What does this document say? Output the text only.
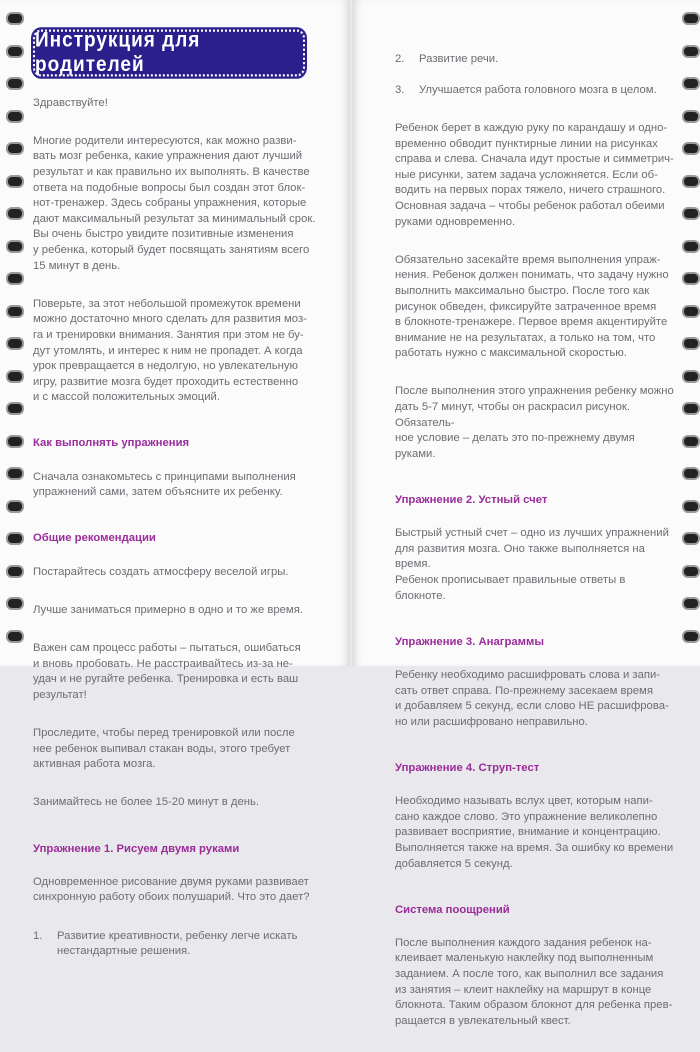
Инструкция для родителей

Здравствуйте!

Многие родители интересуются, как можно разви-
вать мозг ребенка, какие упражнения дают лучший
результат и как правильно их выполнять. В качестве
ответа на подобные вопросы был создан этот блок-
нот-тренажер. Здесь собраны упражнения, которые
дают максимальный результат за минимальный срок.
Вы очень быстро увидите позитивные изменения
у ребенка, который будет посвящать занятиям всего
15 минут в день.

Поверьте, за этот небольшой промежуток времени
можно достаточно много сделать для развития моз-
га и тренировки внимания. Занятия при этом не бу-
дут утомлять, и интерес к ним не пропадет. А когда
урок превращается в недолгую, но увлекательную
игру, развитие мозга будет проходить естественно
и с массой положительных эмоций.

Как выполнять упражнения

Сначала ознакомьтесь с принципами выполнения
упражнений сами, затем объясните их ребенку.

Общие рекомендации

Постарайтесь создать атмосферу веселой игры.

Лучше заниматься примерно в одно и то же время.

Важен сам процесс работы – пытаться, ошибаться
и вновь пробовать. Не расстраивайтесь из-за не-
удач и не ругайте ребенка. Тренировка и есть ваш
результат!

Проследите, чтобы перед тренировкой или после
нее ребенок выпивал стакан воды, этого требует
активная работа мозга.

Занимайтесь не более 15-20 минут в день.

Упражнение 1. Рисуем двумя руками

Одновременное рисование двумя руками развивает
синхронную работу обоих полушарий. Что это дает?

1.	Развитие креативности, ребенку легче искать
нестандартные решения.

2.	Развитие речи.

3.	Улучшается работа головного мозга в целом.

Ребенок берет в каждую руку по карандашу и одно-
временно обводит пунктирные линии на рисунках
справа и слева. Сначала идут простые и симметрич-
ные рисунки, затем задача усложняется. Если об-
водить на первых порах тяжело, ничего страшного.
Основная задача – чтобы ребенок работал обеими
руками одновременно.

Обязательно засекайте время выполнения упраж-
нения. Ребенок должен понимать, что задачу нужно
выполнить максимально быстро. После того как
рисунок обведен, фиксируйте затраченное время
в блокноте-тренажере. Первое время акцентируйте
внимание не на результатах, а только на том, что
работать нужно с максимальной скоростью.

После выполнения этого упражнения ребенку можно
дать 5-7 минут, чтобы он раскрасил рисунок. Обязатель-
ное условие – делать это по-прежнему двумя руками.

Упражнение 2. Устный счет

Быстрый устный счет – одно из лучших упражнений
для развития мозга. Оно также выполняется на время.
Ребенок прописывает правильные ответы в блокноте.

Упражнение 3. Анаграммы

Ребенку необходимо расшифровать слова и запи-
сать ответ справа. По-прежнему засекаем время
и добавляем 5 секунд, если слово НЕ расшифрова-
но или расшифровано неправильно.

Упражнение 4. Струп-тест

Необходимо называть вслух цвет, которым напи-
сано каждое слово. Это упражнение великолепно
развивает восприятие, внимание и концентрацию.
Выполняется также на время. За ошибку ко времени
добавляется 5 секунд.

Система поощрений

После выполнения каждого задания ребенок на-
клеивает маленькую наклейку под выполненным
заданием. А после того, как выполнил все задания
из занятия – клеит наклейку на маршрут в конце
блокнота. Таким образом блокнот для ребенка прев-
ращается в увлекательный квест.
